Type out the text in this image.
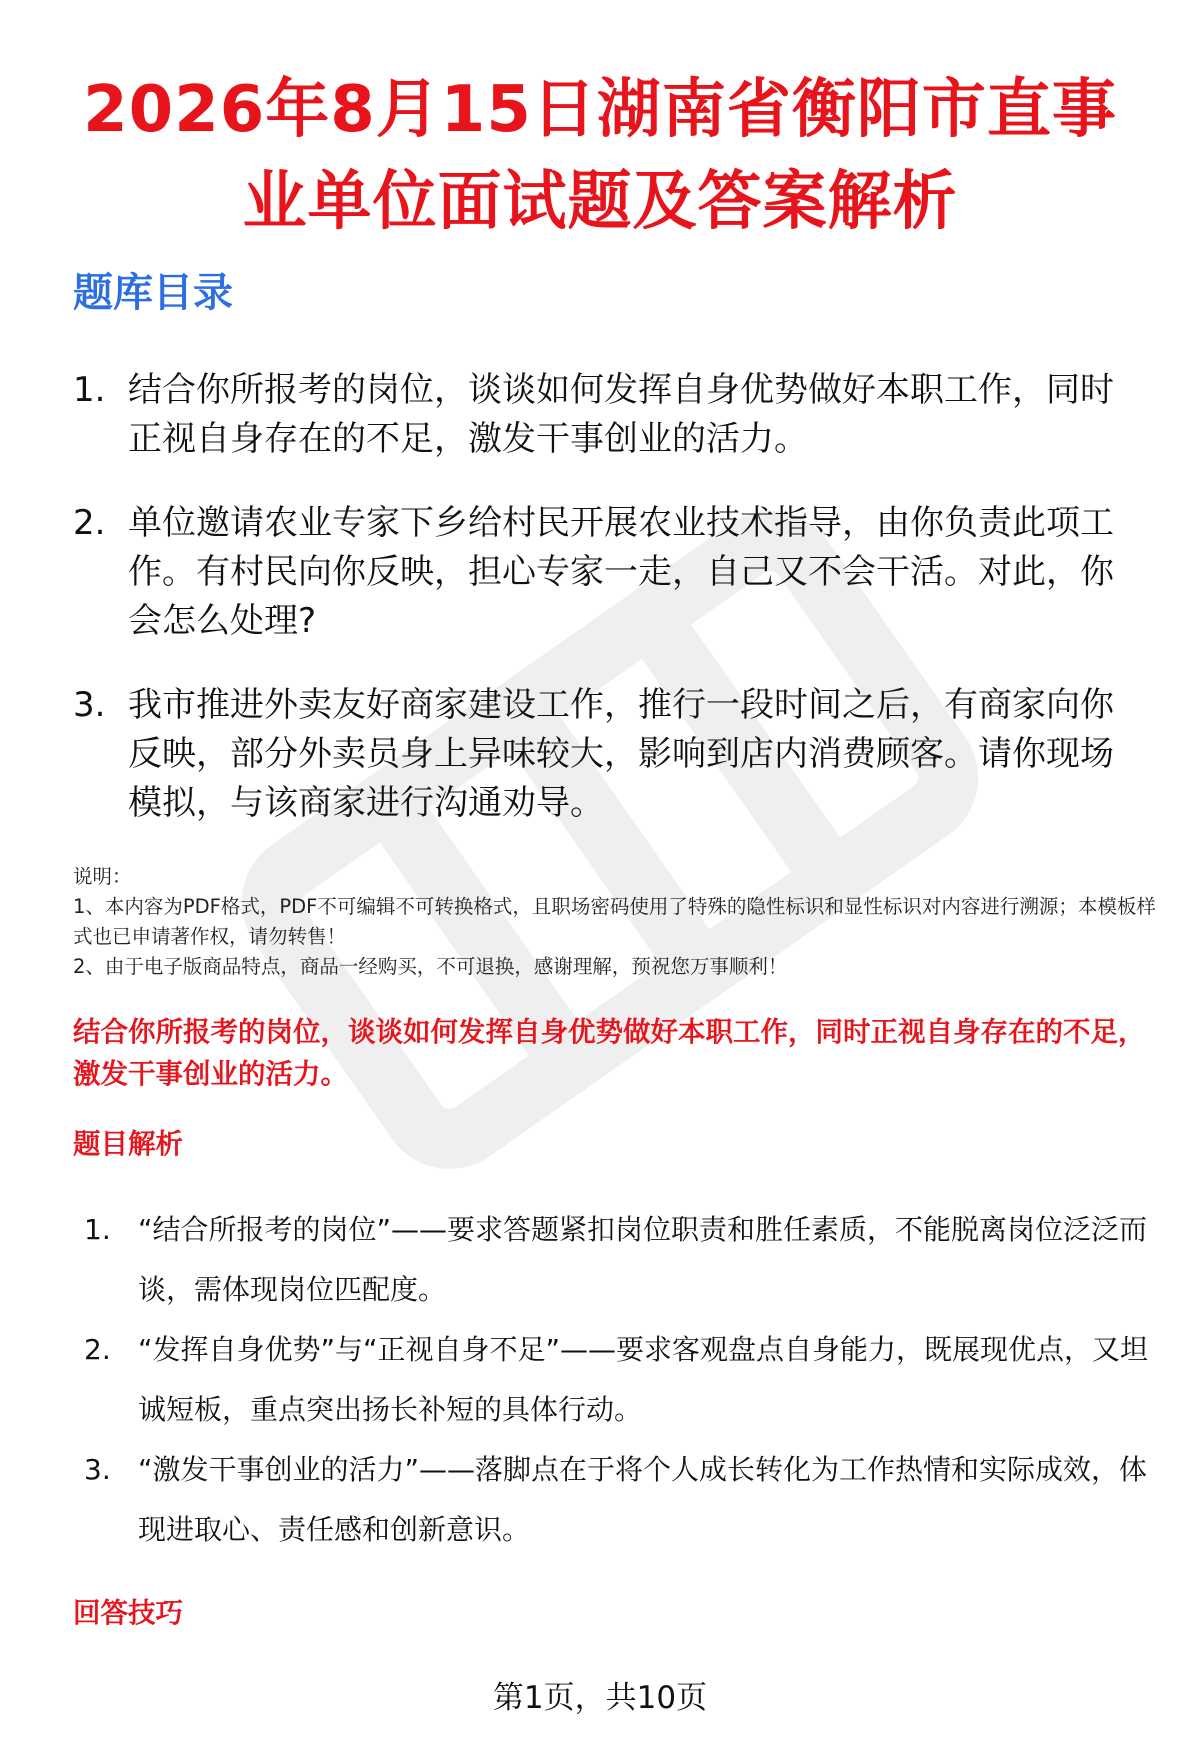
2026年8月15日湖南省衡阳市直事业单位面试题及答案解析
题库目录
1. 结合你所报考的岗位，谈谈如何发挥自身优势做好本职工作，同时正视自身存在的不足，激发干事创业的活力。
2. 单位邀请农业专家下乡给村民开展农业技术指导，由你负责此项工作。有村民向你反映，担心专家一走，自己又不会干活。对此，你会怎么处理?
3. 我市推进外卖友好商家建设工作，推行一段时间之后，有商家向你反映，部分外卖员身上异味较大，影响到店内消费顾客。请你现场模拟，与该商家进行沟通劝导。
说明：
1、本内容为PDF格式，PDF不可编辑不可转换格式，且职场密码使用了特殊的隐性标识和显性标识对内容进行溯源；本模板样式也已申请著作权，请勿转售！
2、由于电子版商品特点，商品一经购买，不可退换，感谢理解，预祝您万事顺利！
结合你所报考的岗位，谈谈如何发挥自身优势做好本职工作，同时正视自身存在的不足，激发干事创业的活力。
题目解析
1. “结合所报考的岗位”——要求答题紧扣岗位职责和胜任素质，不能脱离岗位泛泛而谈，需体现岗位匹配度。
2. “发挥自身优势”与“正视自身不足”——要求客观盘点自身能力，既展现优点，又坦诚短板，重点突出扬长补短的具体行动。
3. “激发干事创业的活力”——落脚点在于将个人成长转化为工作热情和实际成效，体现进取心、责任感和创新意识。
回答技巧
第1页，共10页
